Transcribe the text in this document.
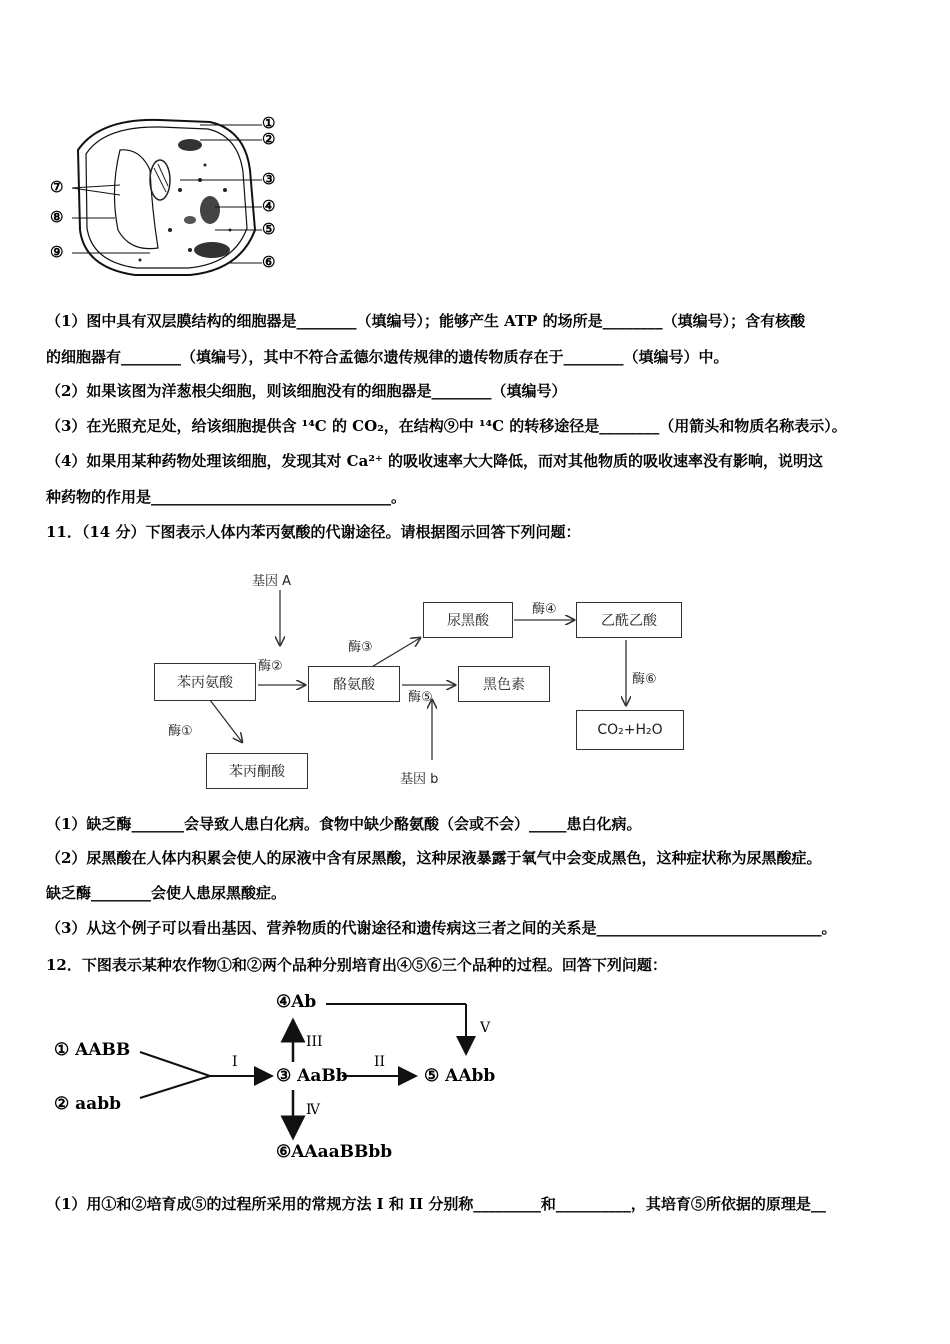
①
②
③
④
⑤
⑥
⑦
⑧
⑨
（1）图中具有双层膜结构的细胞器是________（填编号）；能够产生 ATP 的场所是________（填编号）；含有核酸
的细胞器有________（填编号），其中不符合孟德尔遗传规律的遗传物质存在于________（填编号）中。
（2）如果该图为洋葱根尖细胞，则该细胞没有的细胞器是________（填编号）
（3）在光照充足处，给该细胞提供含 ¹⁴C 的 CO₂，在结构⑨中 ¹⁴C 的转移途径是________（用箭头和物质名称表示）。
（4）如果用某种药物处理该细胞，发现其对 Ca²⁺ 的吸收速率大大降低，而对其他物质的吸收速率没有影响，说明这
种药物的作用是________________________________。
11．（14 分）下图表示人体内苯丙氨酸的代谢途径。请根据图示回答下列问题：
基因 A
苯丙氨酸
酶②
酶①
苯丙酮酸
酪氨酸
酶③
尿黑酸
酶④
乙酰乙酸
酶⑥
酶⑤
黑色素
CO₂+H₂O
基因 b
（1）缺乏酶_______会导致人患白化病。食物中缺少酪氨酸（会或不会）_____患白化病。
（2）尿黑酸在人体内积累会使人的尿液中含有尿黑酸，这种尿液暴露于氧气中会变成黑色，这种症状称为尿黑酸症。
缺乏酶________会使人患尿黑酸症。
（3）从这个例子可以看出基因、营养物质的代谢途径和遗传病这三者之间的关系是______________________________。
12．下图表示某种农作物①和②两个品种分别培育出④⑤⑥三个品种的过程。回答下列问题：
④Ab
V
① AABB	III
I	II
③ AaBb	⑤ AAbb
② aabb	Ⅳ
⑥AAaaBBbb
（1）用①和②培育成⑤的过程所采用的常规方法 I 和 II 分别称_________和__________，其培育⑤所依据的原理是__
